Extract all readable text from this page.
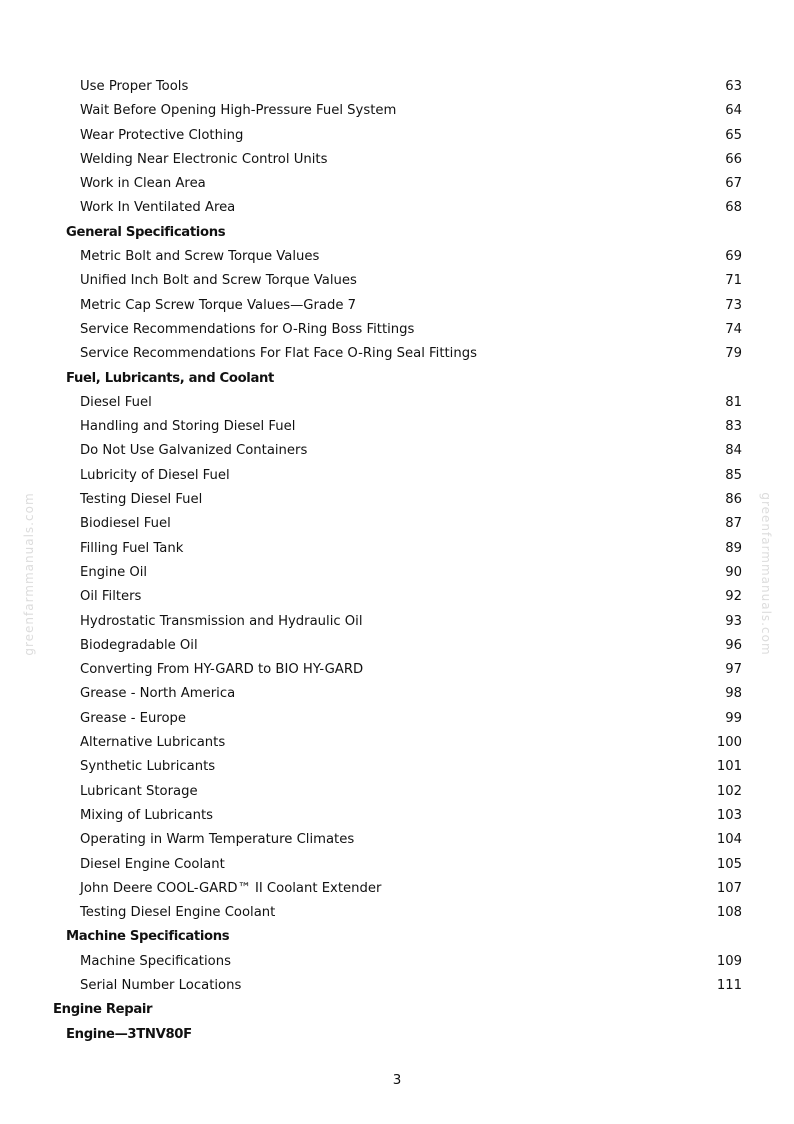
Use Proper Tools	63
Wait Before Opening High-Pressure Fuel System	64
Wear Protective Clothing	65
Welding Near Electronic Control Units	66
Work in Clean Area	67
Work In Ventilated Area	68
General Specifications
Metric Bolt and Screw Torque Values	69
Unified Inch Bolt and Screw Torque Values	71
Metric Cap Screw Torque Values—Grade 7	73
Service Recommendations for O-Ring Boss Fittings	74
Service Recommendations For Flat Face O-Ring Seal Fittings	79
Fuel, Lubricants, and Coolant
Diesel Fuel	81
Handling and Storing Diesel Fuel	83
Do Not Use Galvanized Containers	84
Lubricity of Diesel Fuel	85
Testing Diesel Fuel	86
Biodiesel Fuel	87
Filling Fuel Tank	89
Engine Oil	90
Oil Filters	92
Hydrostatic Transmission and Hydraulic Oil	93
Biodegradable Oil	96
Converting From HY-GARD to BIO HY-GARD	97
Grease - North America	98
Grease - Europe	99
Alternative Lubricants	100
Synthetic Lubricants	101
Lubricant Storage	102
Mixing of Lubricants	103
Operating in Warm Temperature Climates	104
Diesel Engine Coolant	105
John Deere COOL-GARD™ II Coolant Extender	107
Testing Diesel Engine Coolant	108
Machine Specifications
Machine Specifications	109
Serial Number Locations	111
Engine Repair
Engine—3TNV80F
greenfarmmanuals.com	greenfarmmanuals.com
3
